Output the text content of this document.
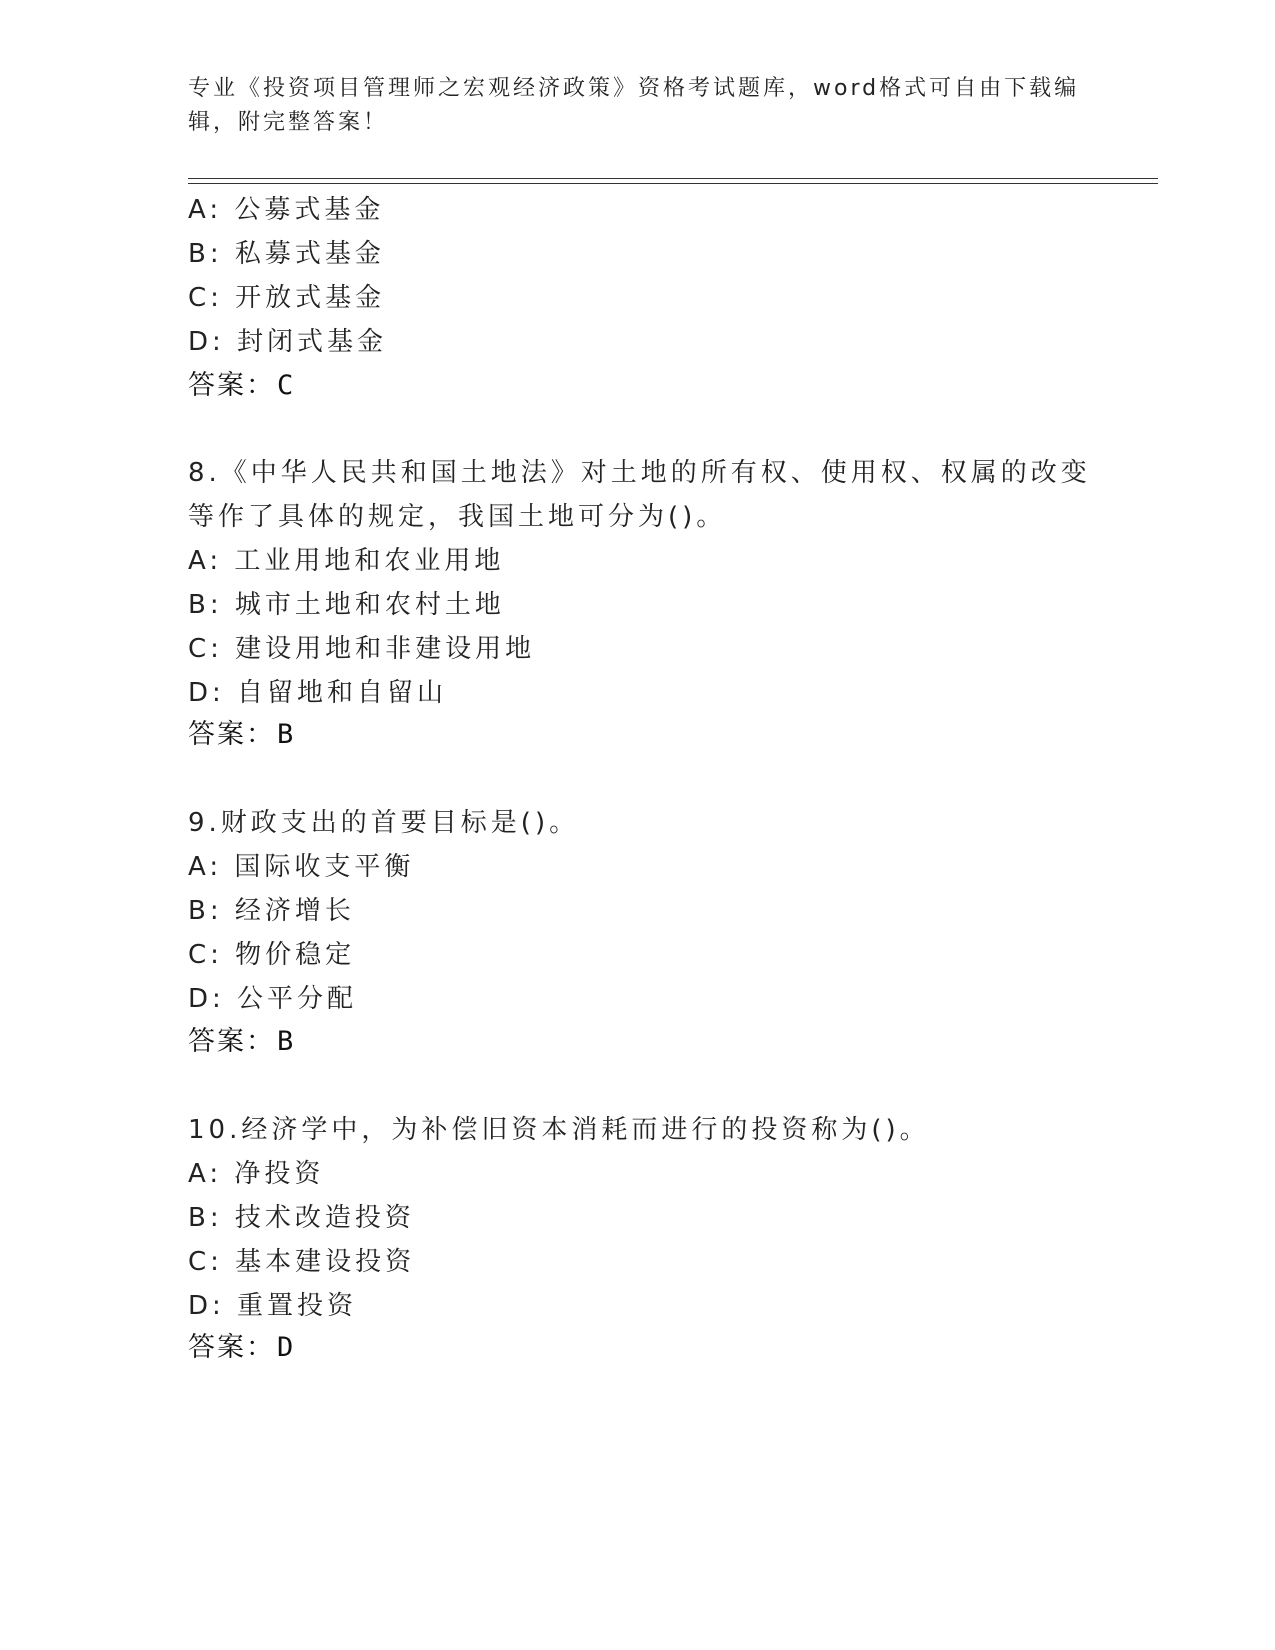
专业《投资项目管理师之宏观经济政策》资格考试题库，word格式可自由下载编
辑，附完整答案！
A: 公募式基金
B: 私募式基金
C: 开放式基金
D: 封闭式基金
答案：C
8.《中华人民共和国土地法》对土地的所有权、使用权、权属的改变
等作了具体的规定，我国土地可分为()。
A: 工业用地和农业用地
B: 城市土地和农村土地
C: 建设用地和非建设用地
D: 自留地和自留山
答案：B
9.财政支出的首要目标是()。
A: 国际收支平衡
B: 经济增长
C: 物价稳定
D: 公平分配
答案：B
10.经济学中，为补偿旧资本消耗而进行的投资称为()。
A: 净投资
B: 技术改造投资
C: 基本建设投资
D: 重置投资
答案：D
